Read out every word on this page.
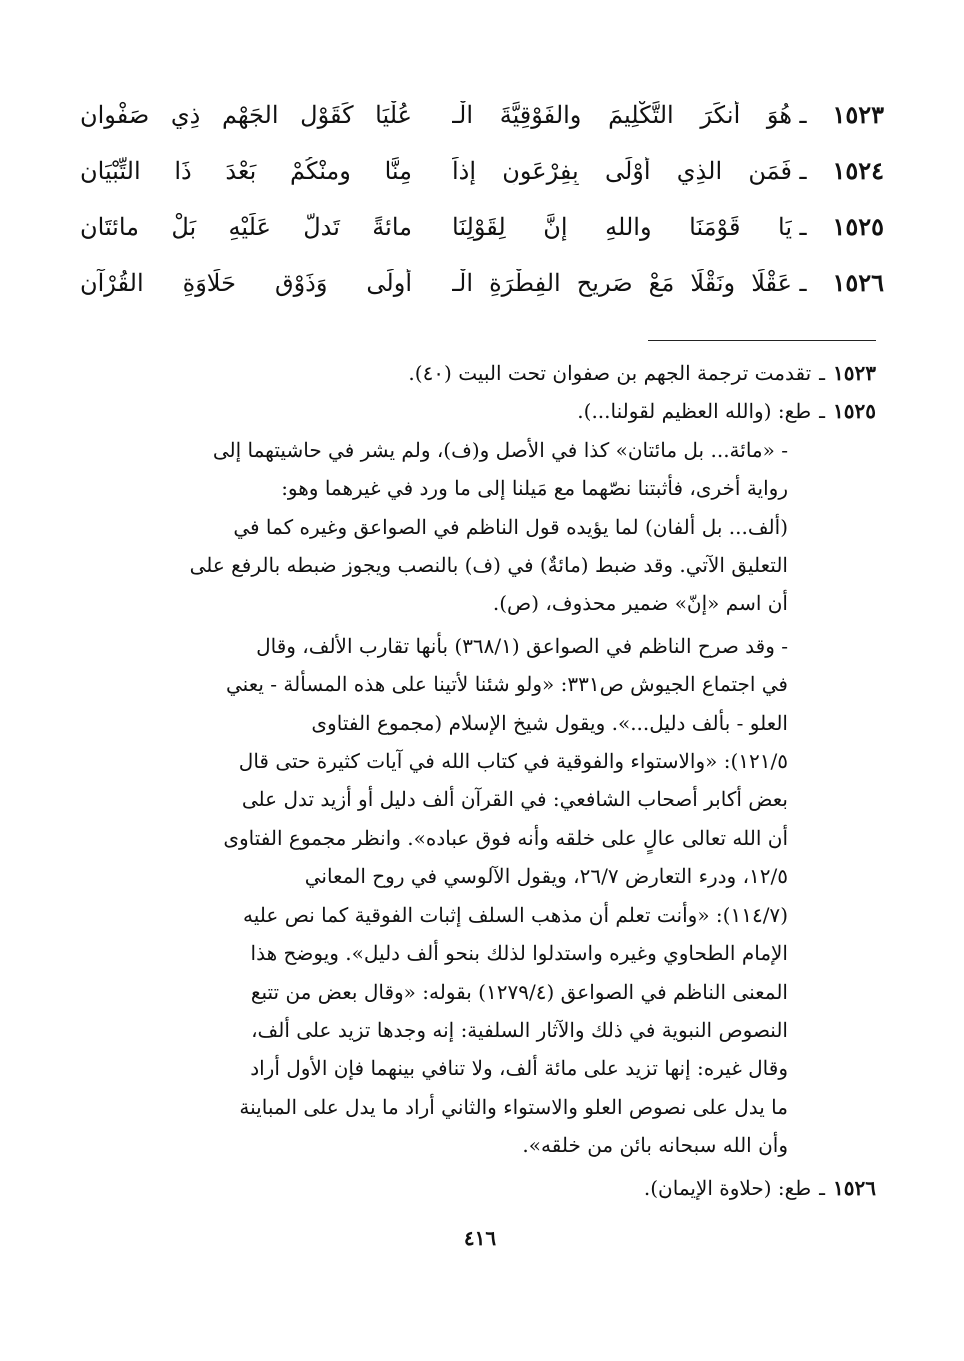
١٥٢٣
ـ
هُوَ أنكَرَ التَّكْلِيمَ والفَوْقِيَّةَ الْـ
عُلْيَا كَقَوْلِ الجَهْمِ ذِي صَفْوانِ
١٥٢٤
ـ
فَمَنِ الذِي أَوْلَى بِفِرْعَونٍ إذاً
مِنَّا ومنْكُمْ بَعْدَ ذَا التِّبْيَانِ
١٥٢٥
ـ
يَا قَوْمَنَا واللهِ إنَّ لِقَوْلِنَا
مائةً تَدلُّ عَلَيْهِ بَلْ مائتَانِ
١٥٢٦
ـ
عَقْلًا ونَقْلًا مَعْ صَرِيحِ الفِطْرَةِ الْـ
أُولَى وَذَوْقِ حَلَاوَةِ القُرْآنِ
١٥٢٣
ـ
تقدمت ترجمة الجهم بن صفوان تحت البيت (٤٠).
١٥٢٥
ـ
طع: (والله العظيم لقولنا...).
- «مائة... بل مائتان» كذا في الأصل و(ف)، ولم يشر في حاشيتهما إلى
رواية أخرى، فأثبتنا نصّهما مع مَيلنا إلى ما ورد في غيرهما وهو:
(ألف... بل ألفان) لما يؤيده قول الناظم في الصواعق وغيره كما في
التعليق الآتي. وقد ضبط (مائةٌ) في (ف) بالنصب ويجوز ضبطه بالرفع على
أن اسم «إنّ» ضمير محذوف، (ص).
- وقد صرح الناظم في الصواعق (٣٦٨/١) بأنها تقارب الألف، وقال
في اجتماع الجيوش ص٣٣١: «ولو شئنا لأتينا على هذه المسألة - يعني
العلو - بألف دليل...». ويقول شيخ الإسلام (مجموع الفتاوى
١٢١/٥): «والاستواء والفوقية في كتاب الله في آيات كثيرة حتى قال
بعض أكابر أصحاب الشافعي: في القرآن ألف دليل أو أزيد تدل على
أن الله تعالى عالٍ على خلقه وأنه فوق عباده». وانظر مجموع الفتاوى
١٢/٥، ودرء التعارض ٢٦/٧، ويقول الآلوسي في روح المعاني
(١١٤/٧): «وأنت تعلم أن مذهب السلف إثبات الفوقية كما نص عليه
الإمام الطحاوي وغيره واستدلوا لذلك بنحو ألف دليل». ويوضح هذا
المعنى الناظم في الصواعق (١٢٧٩/٤) بقوله: «وقال بعض من تتبع
النصوص النبوية في ذلك والآثار السلفية: إنه وجدها تزيد على ألف،
وقال غيره: إنها تزيد على مائة ألف، ولا تنافي بينهما فإن الأول أراد
ما يدل على نصوص العلو والاستواء والثاني أراد ما يدل على المباينة
وأن الله سبحانه بائن من خلقه».
١٥٢٦
ـ
طع: (حلاوة الإيمان).
٤١٦
